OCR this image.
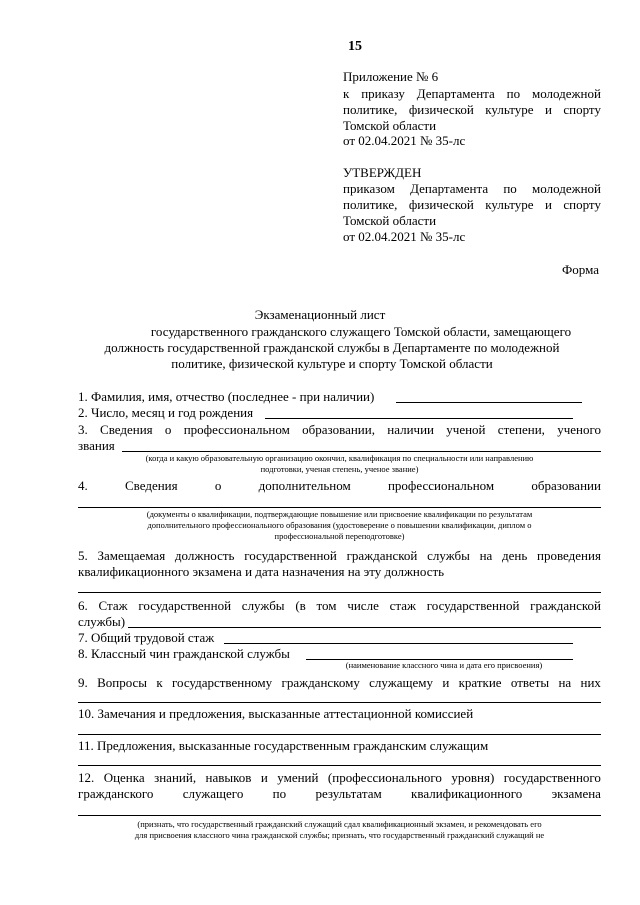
15
Приложение № 6
к приказу Департамента по молодежной
политике, физической культуре и спорту
Томской области
от 02.04.2021 № 35-лс
УТВЕРЖДЕН
приказом Департамента по молодежной
политике, физической культуре и спорту
Томской области
от 02.04.2021 № 35-лс
Форма
Экзаменационный лист
государственного гражданского служащего Томской области, замещающего
должность государственной гражданской службы в Департаменте по молодежной
политике, физической культуре и спорту Томской области
1. Фамилия, имя, отчество (последнее - при наличии)
2. Число, месяц и год рождения
3. Сведения о профессиональном образовании, наличии ученой степени, ученого
звания
(когда и какую образовательную организацию окончил, квалификация по специальности или направлению
подготовки, ученая степень, ученое звание)
4.	Сведения	о	дополнительном	профессиональном	образовании
(документы о квалификации, подтверждающие повышение или присвоение квалификации по результатам
дополнительного профессионального образования (удостоверение о повышении квалификации, диплом о
профессиональной переподготовке)
5. Замещаемая должность государственной гражданской службы на день проведения
квалификационного экзамена и дата назначения на эту должность
6. Стаж государственной службы (в том числе стаж государственной гражданской
службы)
7. Общий трудовой стаж
8. Классный чин гражданской службы
(наименование классного чина и дата его присвоения)
9. Вопросы к государственному гражданскому служащему и краткие ответы на них
10. Замечания и предложения, высказанные аттестационной комиссией
11. Предложения, высказанные государственным гражданским служащим
12. Оценка знаний, навыков и умений (профессионального уровня) государственного
гражданского служащего по результатам квалификационного экзамена
(признать, что государственный гражданский служащий сдал квалификационный экзамен, и рекомендовать его
для присвоения классного чина гражданской службы; признать, что государственный гражданский служащий не
